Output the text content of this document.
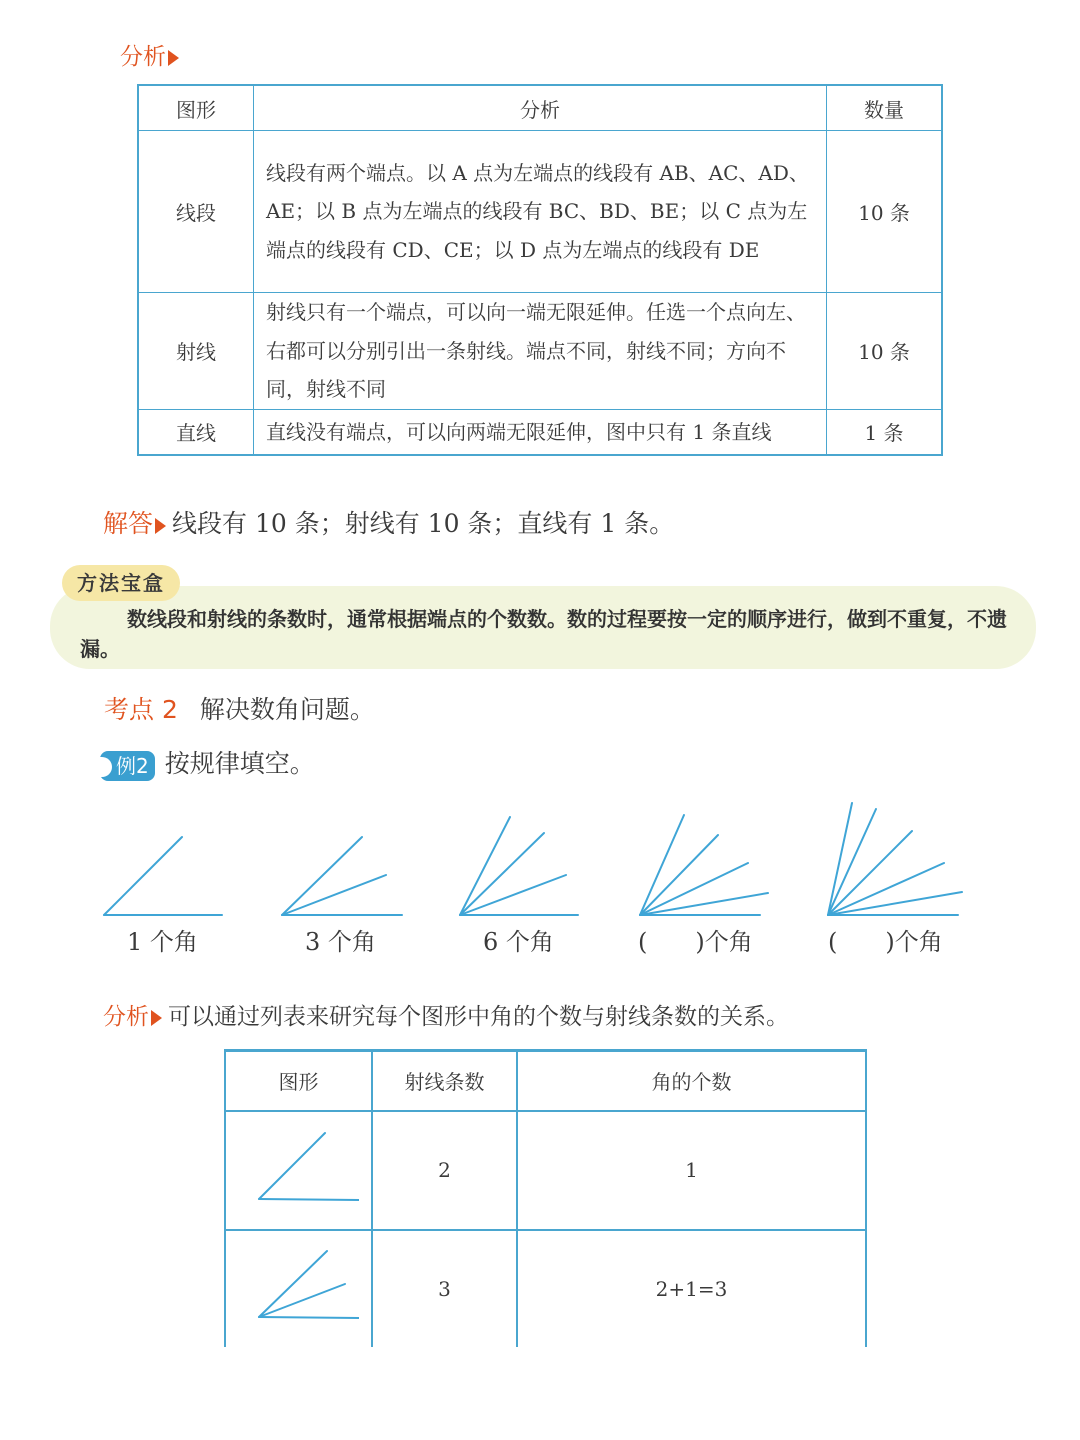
分析
图形	分析	数量
线段	线段有两个端点。以 A 点为左端点的线段有 AB、AC、AD、AE；以 B 点为左端点的线段有 BC、BD、BE；以 C 点为左端点的线段有 CD、CE；以 D 点为左端点的线段有 DE	10 条
射线	射线只有一个端点，可以向一端无限延伸。任选一个点向左、右都可以分别引出一条射线。端点不同，射线不同；方向不同，射线不同	10 条
直线	直线没有端点，可以向两端无限延伸，图中只有 1 条直线	1 条
解答 线段有 10 条；射线有 10 条；直线有 1 条。
方法宝盒
数线段和射线的条数时，通常根据端点的个数数。数的过程要按一定的顺序进行，做到不重复，不遗漏。
考点 2 解决数角问题。
例2 按规律填空。
1 个角	3 个角	6 个角	(　　)个角	(　　)个角
分析 可以通过列表来研究每个图形中角的个数与射线条数的关系。
图形	射线条数	角的个数
	2	1
	3	2+1=3
